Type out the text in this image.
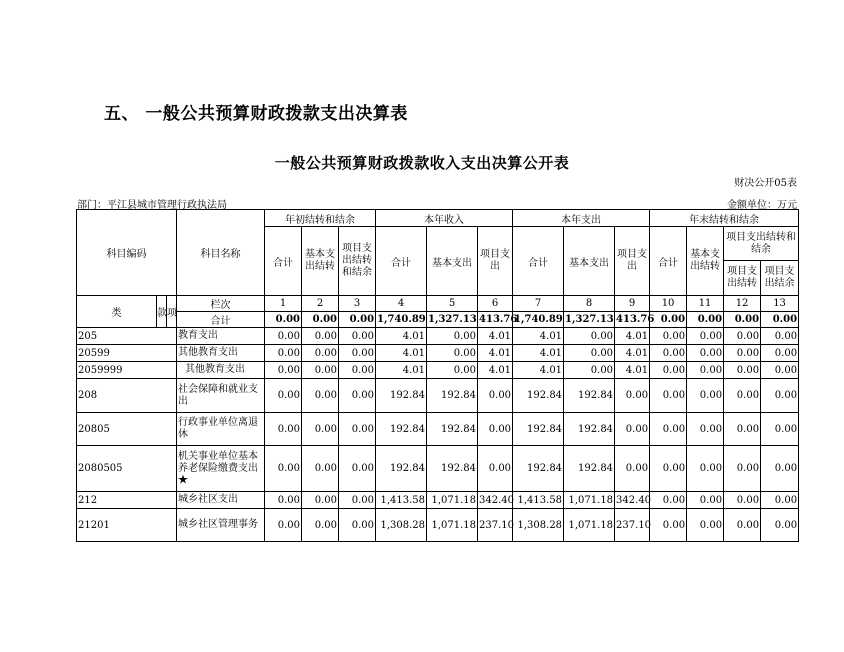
五、 一般公共预算财政拨款支出决算表
一般公共预算财政拨款收入支出决算公开表
财决公开05表
部门：平江县城市管理行政执法局	金额单位：万元
科目编码			科目名称	年初结转和结余			本年收入			本年支出			年末结转和结余			
				合计	基本支出结转	项目支出结转和结余	合计	基本支出	项目支出	合计	基本支出	项目支出	合计	基本支出结转	项目支出结转和结余	
															项目支出结转	项目支出结余
类	款	项	栏次	1	2	3	4	5	6	7	8	9	10	11	12	13
			合计	0.00	0.00	0.00	1,740.89	1,327.13	413.76	1,740.89	1,327.13	413.76	0.00	0.00	0.00	0.00
205			教育支出	0.00	0.00	0.00	4.01	0.00	4.01	4.01	0.00	4.01	0.00	0.00	0.00	0.00
20599			其他教育支出	0.00	0.00	0.00	4.01	0.00	4.01	4.01	0.00	4.01	0.00	0.00	0.00	0.00
2059999			其他教育支出	0.00	0.00	0.00	4.01	0.00	4.01	4.01	0.00	4.01	0.00	0.00	0.00	0.00
208			社会保障和就业支出	0.00	0.00	0.00	192.84	192.84	0.00	192.84	192.84	0.00	0.00	0.00	0.00	0.00
20805			行政事业单位离退休	0.00	0.00	0.00	192.84	192.84	0.00	192.84	192.84	0.00	0.00	0.00	0.00	0.00
2080505			机关事业单位基本养老保险缴费支出★	0.00	0.00	0.00	192.84	192.84	0.00	192.84	192.84	0.00	0.00	0.00	0.00	0.00
212			城乡社区支出	0.00	0.00	0.00	1,413.58	1,071.18	342.40	1,413.58	1,071.18	342.40	0.00	0.00	0.00	0.00
21201			城乡社区管理事务	0.00	0.00	0.00	1,308.28	1,071.18	237.10	1,308.28	1,071.18	237.10	0.00	0.00	0.00	0.00
